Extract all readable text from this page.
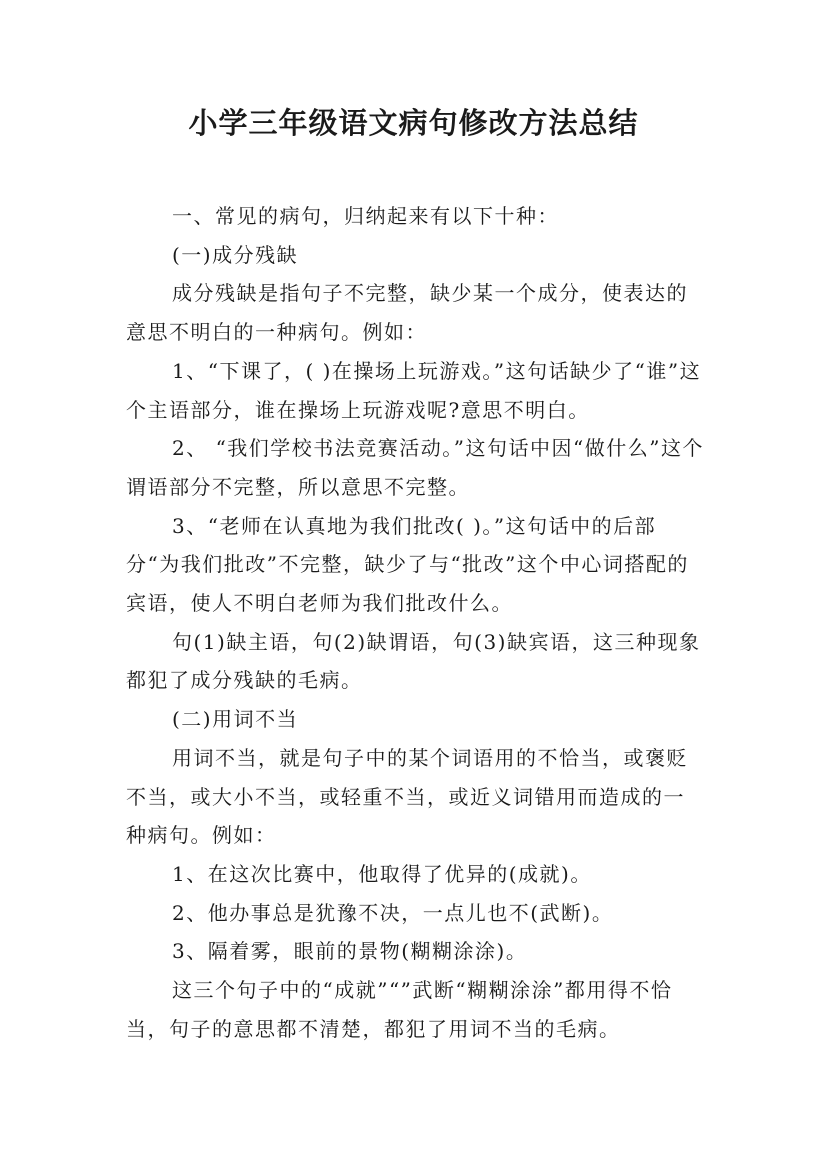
小学三年级语文病句修改方法总结

一、常见的病句，归纳起来有以下十种：

(一)成分残缺

成分残缺是指句子不完整，缺少某一个成分，使表达的意思不明白的一种病句。例如：

1、“下课了，( )在操场上玩游戏。”这句话缺少了“谁”这个主语部分，谁在操场上玩游戏呢?意思不明白。

2、 “我们学校书法竞赛活动。”这句话中因“做什么”这个谓语部分不完整，所以意思不完整。

3、“老师在认真地为我们批改( )。”这句话中的后部分“为我们批改”不完整，缺少了与“批改”这个中心词搭配的宾语，使人不明白老师为我们批改什么。

句(1)缺主语，句(2)缺谓语，句(3)缺宾语，这三种现象都犯了成分残缺的毛病。

(二)用词不当

用词不当，就是句子中的某个词语用的不恰当，或褒贬不当，或大小不当，或轻重不当，或近义词错用而造成的一种病句。例如：

1、在这次比赛中，他取得了优异的(成就)。

2、他办事总是犹豫不决，一点儿也不(武断)。

3、隔着雾，眼前的景物(糊糊涂涂)。

这三个句子中的“成就”“”武断“糊糊涂涂”都用得不恰当，句子的意思都不清楚，都犯了用词不当的毛病。
